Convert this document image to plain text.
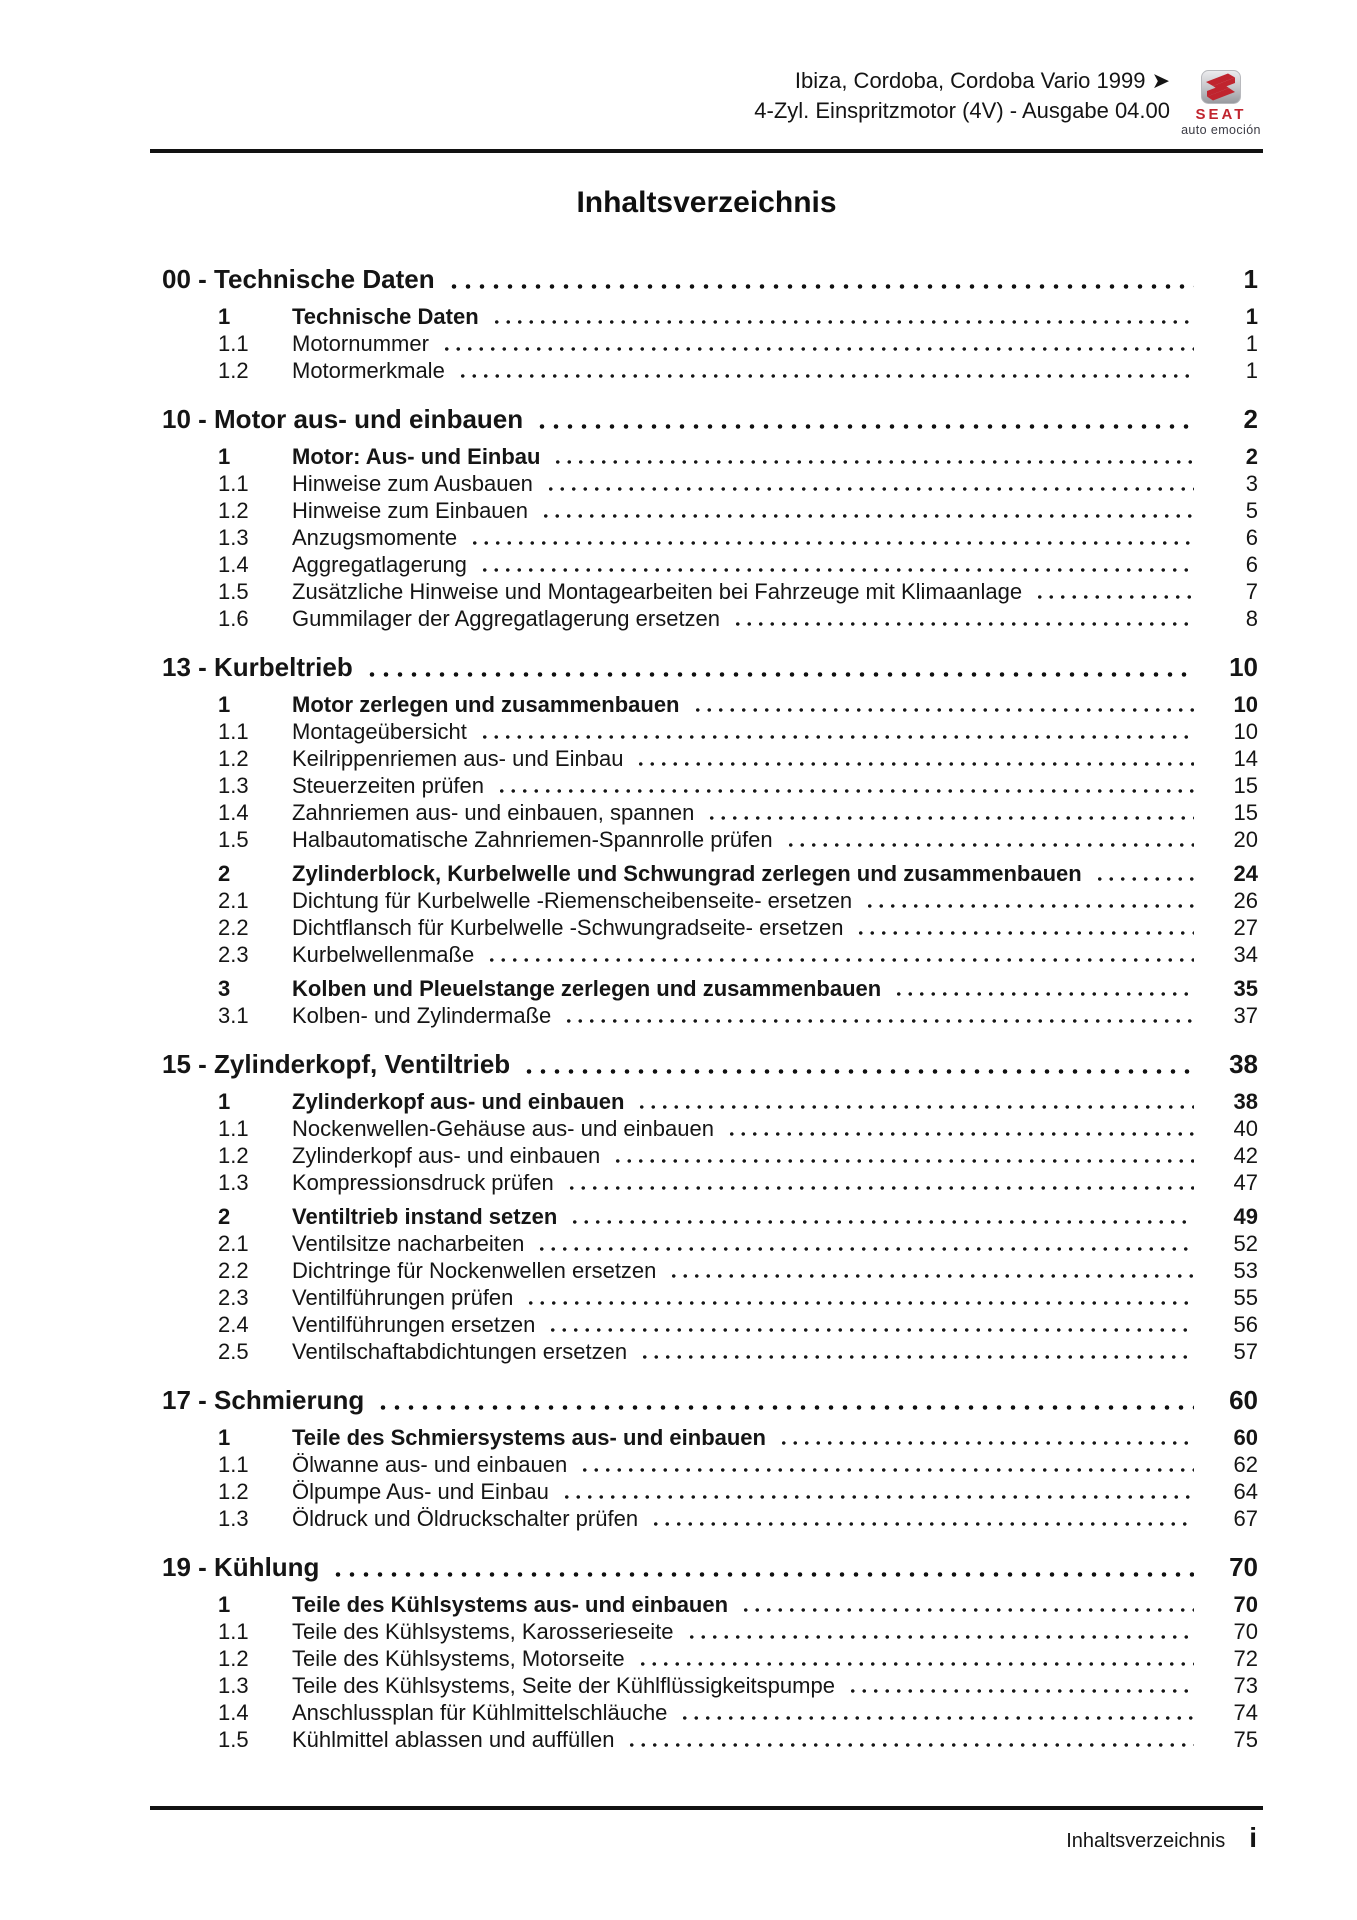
Ibiza, Cordoba, Cordoba Vario 1999 ➤
4-Zyl. Einspritzmotor (4V) - Ausgabe 04.00 SEAT
auto emoción
Inhaltsverzeichnis
00 - Technische Daten	1
1	Technische Daten	1
1.1	Motornummer	1
1.2	Motormerkmale	1
10 - Motor aus- und einbauen	2
1	Motor: Aus- und Einbau	2
1.1	Hinweise zum Ausbauen	3
1.2	Hinweise zum Einbauen	5
1.3	Anzugsmomente	6
1.4	Aggregatlagerung	6
1.5	Zusätzliche Hinweise und Montagearbeiten bei Fahrzeuge mit Klimaanlage	7
1.6	Gummilager der Aggregatlagerung ersetzen	8
13 - Kurbeltrieb	10
1	Motor zerlegen und zusammenbauen	10
1.1	Montageübersicht	10
1.2	Keilrippenriemen aus- und Einbau	14
1.3	Steuerzeiten prüfen	15
1.4	Zahnriemen aus- und einbauen, spannen	15
1.5	Halbautomatische Zahnriemen-Spannrolle prüfen	20
2	Zylinderblock, Kurbelwelle und Schwungrad zerlegen und zusammenbauen	24
2.1	Dichtung für Kurbelwelle -Riemenscheibenseite- ersetzen	26
2.2	Dichtflansch für Kurbelwelle -Schwungradseite- ersetzen	27
2.3	Kurbelwellenmaße	34
3	Kolben und Pleuelstange zerlegen und zusammenbauen	35
3.1	Kolben- und Zylindermaße	37
15 - Zylinderkopf, Ventiltrieb	38
1	Zylinderkopf aus- und einbauen	38
1.1	Nockenwellen-Gehäuse aus- und einbauen	40
1.2	Zylinderkopf aus- und einbauen	42
1.3	Kompressionsdruck prüfen	47
2	Ventiltrieb instand setzen	49
2.1	Ventilsitze nacharbeiten	52
2.2	Dichtringe für Nockenwellen ersetzen	53
2.3	Ventilführungen prüfen	55
2.4	Ventilführungen ersetzen	56
2.5	Ventilschaftabdichtungen ersetzen	57
17 - Schmierung	60
1	Teile des Schmiersystems aus- und einbauen	60
1.1	Ölwanne aus- und einbauen	62
1.2	Ölpumpe Aus- und Einbau	64
1.3	Öldruck und Öldruckschalter prüfen	67
19 - Kühlung	70
1	Teile des Kühlsystems aus- und einbauen	70
1.1	Teile des Kühlsystems, Karosserieseite	70
1.2	Teile des Kühlsystems, Motorseite	72
1.3	Teile des Kühlsystems, Seite der Kühlflüssigkeitspumpe	73
1.4	Anschlussplan für Kühlmittelschläuche	74
1.5	Kühlmittel ablassen und auffüllen	75
Inhaltsverzeichnis i
